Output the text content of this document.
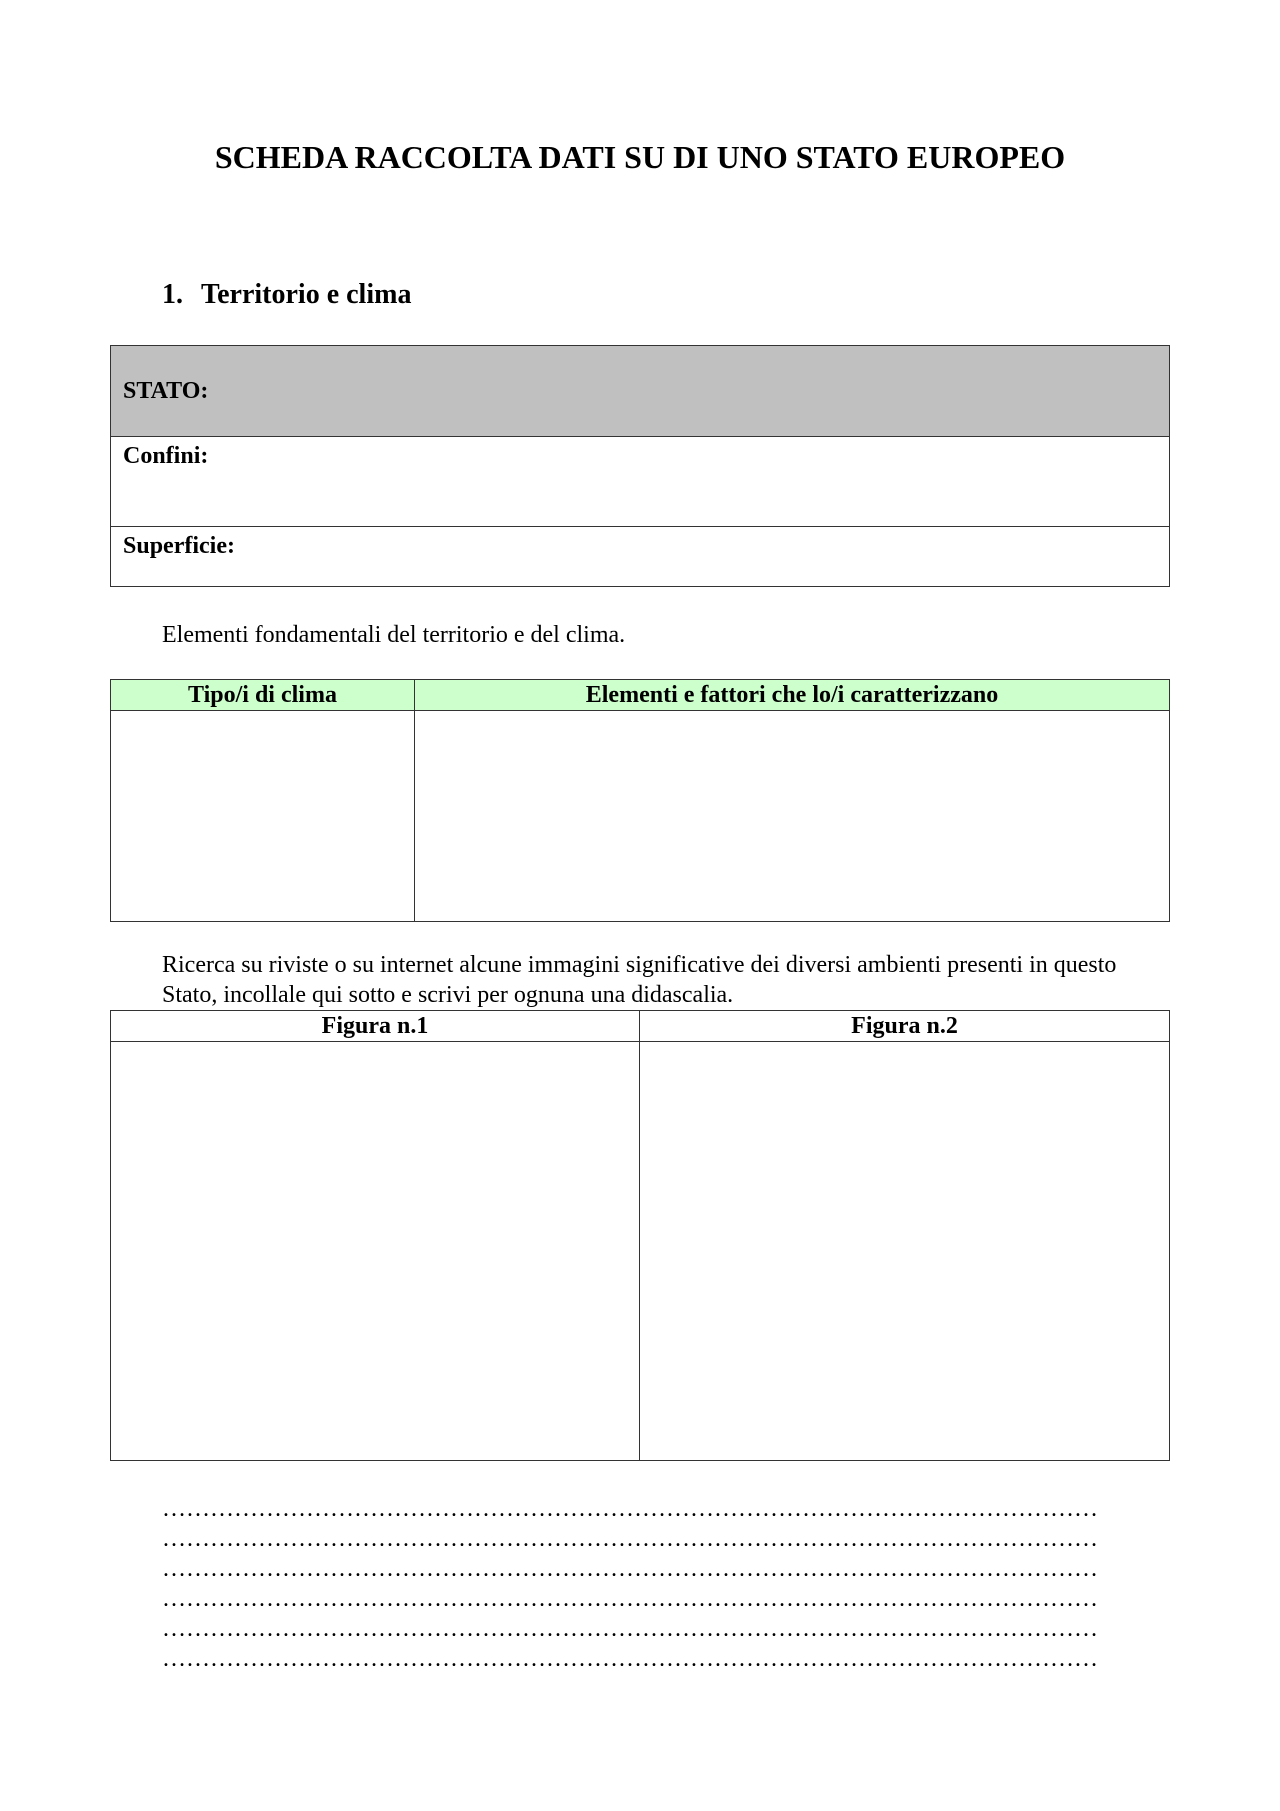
SCHEDA RACCOLTA DATI SU DI UNO STATO EUROPEO
1. Territorio e clima
STATO:
Confini:
Superficie:

Elementi fondamentali del territorio e del clima.

Tipo/i di clima	Elementi e fattori che lo/i caratterizzano

Ricerca su riviste o su internet alcune immagini significative dei diversi ambienti presenti in questo Stato, incollale qui sotto e scrivi per ognuna una didascalia.

Figura n.1	Figura n.2

………………………………………………………………………………………………………
………………………………………………………………………………………………………
………………………………………………………………………………………………………
………………………………………………………………………………………………………
………………………………………………………………………………………………………
………………………………………………………………………………………………………
